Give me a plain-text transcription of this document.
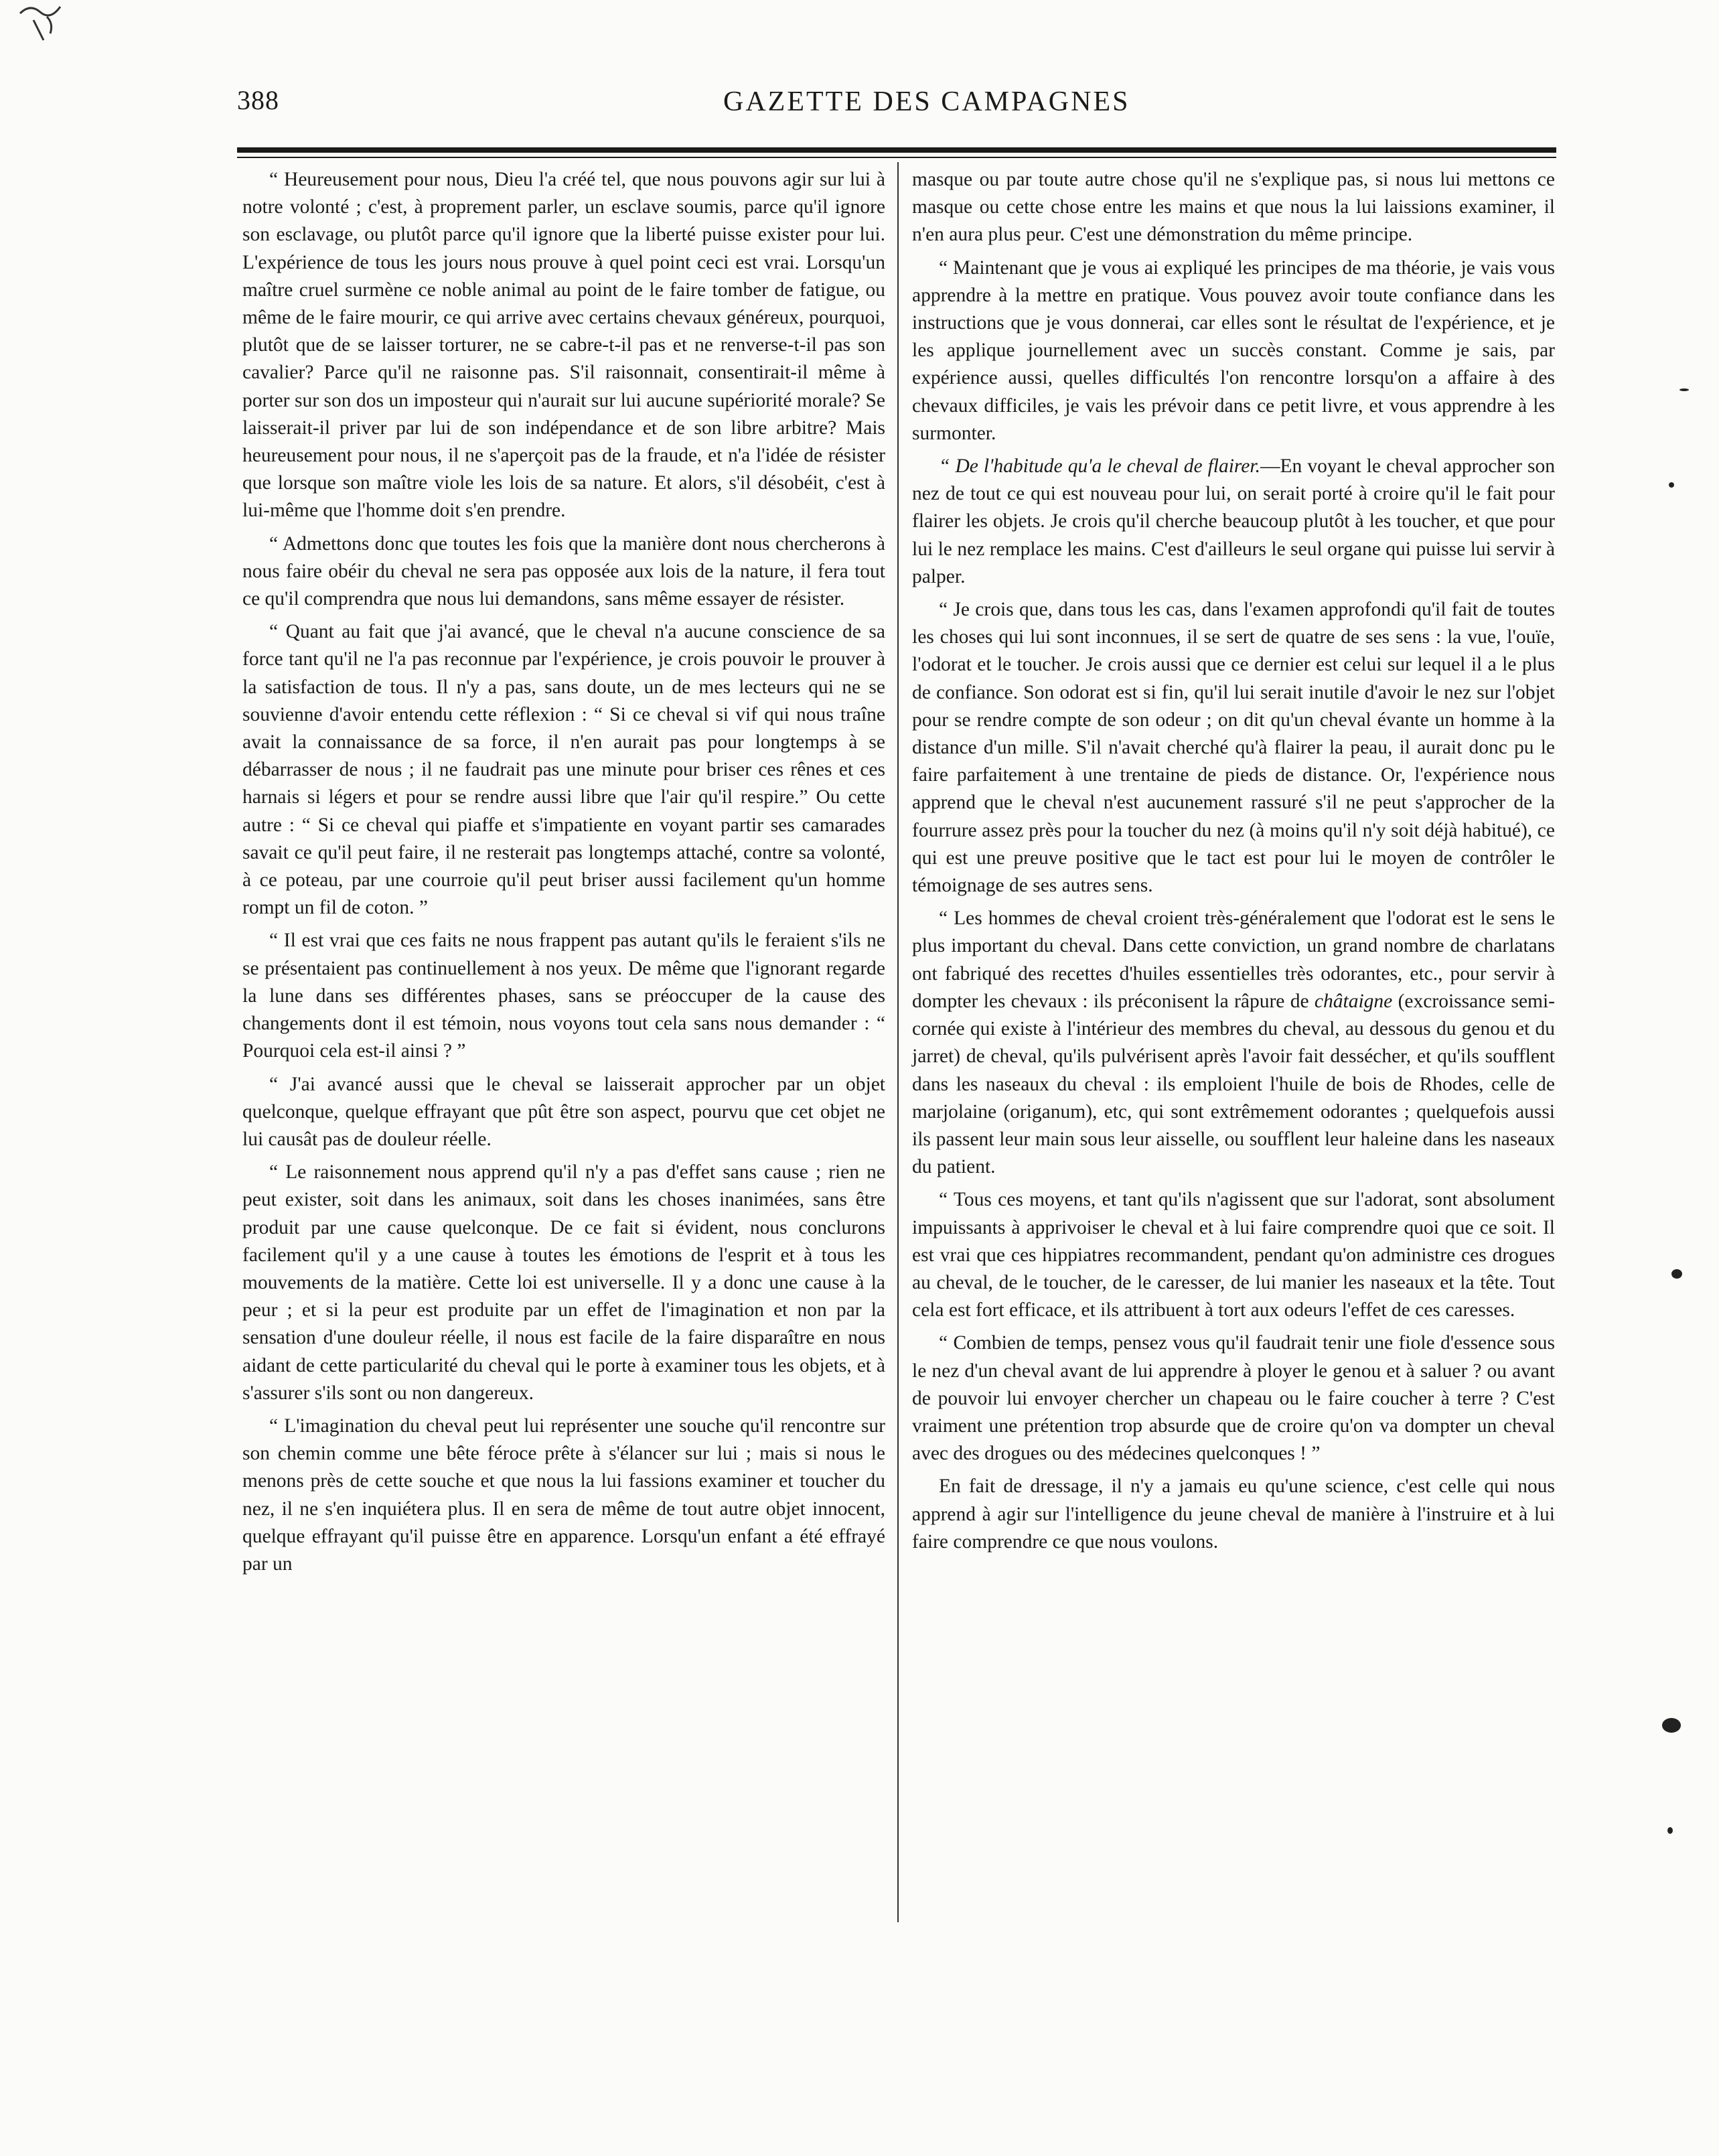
388	GAZETTE DES CAMPAGNES

“ Heureusement pour nous, Dieu l'a créé tel, que nous pouvons agir sur lui à notre volonté ; c'est, à proprement parler, un esclave soumis, parce qu'il ignore son esclavage, ou plutôt parce qu'il ignore que la liberté puisse exister pour lui. L'expérience de tous les jours nous prouve à quel point ceci est vrai. Lorsqu'un maître cruel surmène ce noble animal au point de le faire tomber de fatigue, ou même de le faire mourir, ce qui arrive avec certains chevaux généreux, pourquoi, plutôt que de se laisser torturer, ne se cabre-t-il pas et ne renverse-t-il pas son cavalier? Parce qu'il ne raisonne pas. S'il raisonnait, consentirait-il même à porter sur son dos un imposteur qui n'aurait sur lui aucune supériorité morale? Se laisserait-il priver par lui de son indépendance et de son libre arbitre? Mais heureusement pour nous, il ne s'aperçoit pas de la fraude, et n'a l'idée de résister que lorsque son maître viole les lois de sa nature. Et alors, s'il désobéit, c'est à lui-même que l'homme doit s'en prendre.

“ Admettons donc que toutes les fois que la manière dont nous chercherons à nous faire obéir du cheval ne sera pas opposée aux lois de la nature, il fera tout ce qu'il comprendra que nous lui demandons, sans même essayer de résister.

“ Quant au fait que j'ai avancé, que le cheval n'a aucune conscience de sa force tant qu'il ne l'a pas reconnue par l'expérience, je crois pouvoir le prouver à la satisfaction de tous. Il n'y a pas, sans doute, un de mes lecteurs qui ne se souvienne d'avoir entendu cette réflexion : “ Si ce cheval si vif qui nous traîne avait la connaissance de sa force, il n'en aurait pas pour longtemps à se débarrasser de nous ; il ne faudrait pas une minute pour briser ces rênes et ces harnais si légers et pour se rendre aussi libre que l'air qu'il respire.” Ou cette autre : “ Si ce cheval qui piaffe et s'impatiente en voyant partir ses camarades savait ce qu'il peut faire, il ne resterait pas longtemps attaché, contre sa volonté, à ce poteau, par une courroie qu'il peut briser aussi facilement qu'un homme rompt un fil de coton. ”

“ Il est vrai que ces faits ne nous frappent pas autant qu'ils le feraient s'ils ne se présentaient pas continuellement à nos yeux. De même que l'ignorant regarde la lune dans ses différentes phases, sans se préoccuper de la cause des changements dont il est témoin, nous voyons tout cela sans nous demander : “ Pourquoi cela est-il ainsi ? ”

“ J'ai avancé aussi que le cheval se laisserait approcher par un objet quelconque, quelque effrayant que pût être son aspect, pourvu que cet objet ne lui causât pas de douleur réelle.

“ Le raisonnement nous apprend qu'il n'y a pas d'effet sans cause ; rien ne peut exister, soit dans les animaux, soit dans les choses inanimées, sans être produit par une cause quelconque. De ce fait si évident, nous conclurons facilement qu'il y a une cause à toutes les émotions de l'esprit et à tous les mouvements de la matière. Cette loi est universelle. Il y a donc une cause à la peur ; et si la peur est produite par un effet de l'imagination et non par la sensation d'une douleur réelle, il nous est facile de la faire disparaître en nous aidant de cette particularité du cheval qui le porte à examiner tous les objets, et à s'assurer s'ils sont ou non dangereux.

“ L'imagination du cheval peut lui représenter une souche qu'il rencontre sur son chemin comme une bête féroce prête à s'élancer sur lui ; mais si nous le menons près de cette souche et que nous la lui fassions examiner et toucher du nez, il ne s'en inquiétera plus. Il en sera de même de tout autre objet innocent, quelque effrayant qu'il puisse être en apparence. Lorsqu'un enfant a été effrayé par un

masque ou par toute autre chose qu'il ne s'explique pas, si nous lui mettons ce masque ou cette chose entre les mains et que nous la lui laissions examiner, il n'en aura plus peur. C'est une démonstration du même principe.

“ Maintenant que je vous ai expliqué les principes de ma théorie, je vais vous apprendre à la mettre en pratique. Vous pouvez avoir toute confiance dans les instructions que je vous donnerai, car elles sont le résultat de l'expérience, et je les applique journellement avec un succès constant. Comme je sais, par expérience aussi, quelles difficultés l'on rencontre lorsqu'on a affaire à des chevaux difficiles, je vais les prévoir dans ce petit livre, et vous apprendre à les surmonter.

“ De l'habitude qu'a le cheval de flairer.—En voyant le cheval approcher son nez de tout ce qui est nouveau pour lui, on serait porté à croire qu'il le fait pour flairer les objets. Je crois qu'il cherche beaucoup plutôt à les toucher, et que pour lui le nez remplace les mains. C'est d'ailleurs le seul organe qui puisse lui servir à palper.

“ Je crois que, dans tous les cas, dans l'examen approfondi qu'il fait de toutes les choses qui lui sont inconnues, il se sert de quatre de ses sens : la vue, l'ouïe, l'odorat et le toucher. Je crois aussi que ce dernier est celui sur lequel il a le plus de confiance. Son odorat est si fin, qu'il lui serait inutile d'avoir le nez sur l'objet pour se rendre compte de son odeur ; on dit qu'un cheval évante un homme à la distance d'un mille. S'il n'avait cherché qu'à flairer la peau, il aurait donc pu le faire parfaitement à une trentaine de pieds de distance. Or, l'expérience nous apprend que le cheval n'est aucunement rassuré s'il ne peut s'approcher de la fourrure assez près pour la toucher du nez (à moins qu'il n'y soit déjà habitué), ce qui est une preuve positive que le tact est pour lui le moyen de contrôler le témoignage de ses autres sens.

“ Les hommes de cheval croient très-généralement que l'odorat est le sens le plus important du cheval. Dans cette conviction, un grand nombre de charlatans ont fabriqué des recettes d'huiles essentielles très odorantes, etc., pour servir à dompter les chevaux : ils préconisent la râpure de châtaigne (excroissance semi-cornée qui existe à l'intérieur des membres du cheval, au dessous du genou et du jarret) de cheval, qu'ils pulvérisent après l'avoir fait dessécher, et qu'ils soufflent dans les naseaux du cheval : ils emploient l'huile de bois de Rhodes, celle de marjolaine (origanum), etc, qui sont extrêmement odorantes ; quelquefois aussi ils passent leur main sous leur aisselle, ou soufflent leur haleine dans les naseaux du patient.

“ Tous ces moyens, et tant qu'ils n'agissent que sur l'adorat, sont absolument impuissants à apprivoiser le cheval et à lui faire comprendre quoi que ce soit. Il est vrai que ces hippiatres recommandent, pendant qu'on administre ces drogues au cheval, de le toucher, de le caresser, de lui manier les naseaux et la tête. Tout cela est fort efficace, et ils attribuent à tort aux odeurs l'effet de ces caresses.

“ Combien de temps, pensez vous qu'il faudrait tenir une fiole d'essence sous le nez d'un cheval avant de lui apprendre à ployer le genou et à saluer ? ou avant de pouvoir lui envoyer chercher un chapeau ou le faire coucher à terre ? C'est vraiment une prétention trop absurde que de croire qu'on va dompter un cheval avec des drogues ou des médecines quelconques ! ”

En fait de dressage, il n'y a jamais eu qu'une science, c'est celle qui nous apprend à agir sur l'intelligence du jeune cheval de manière à l'instruire et à lui faire comprendre ce que nous voulons.
